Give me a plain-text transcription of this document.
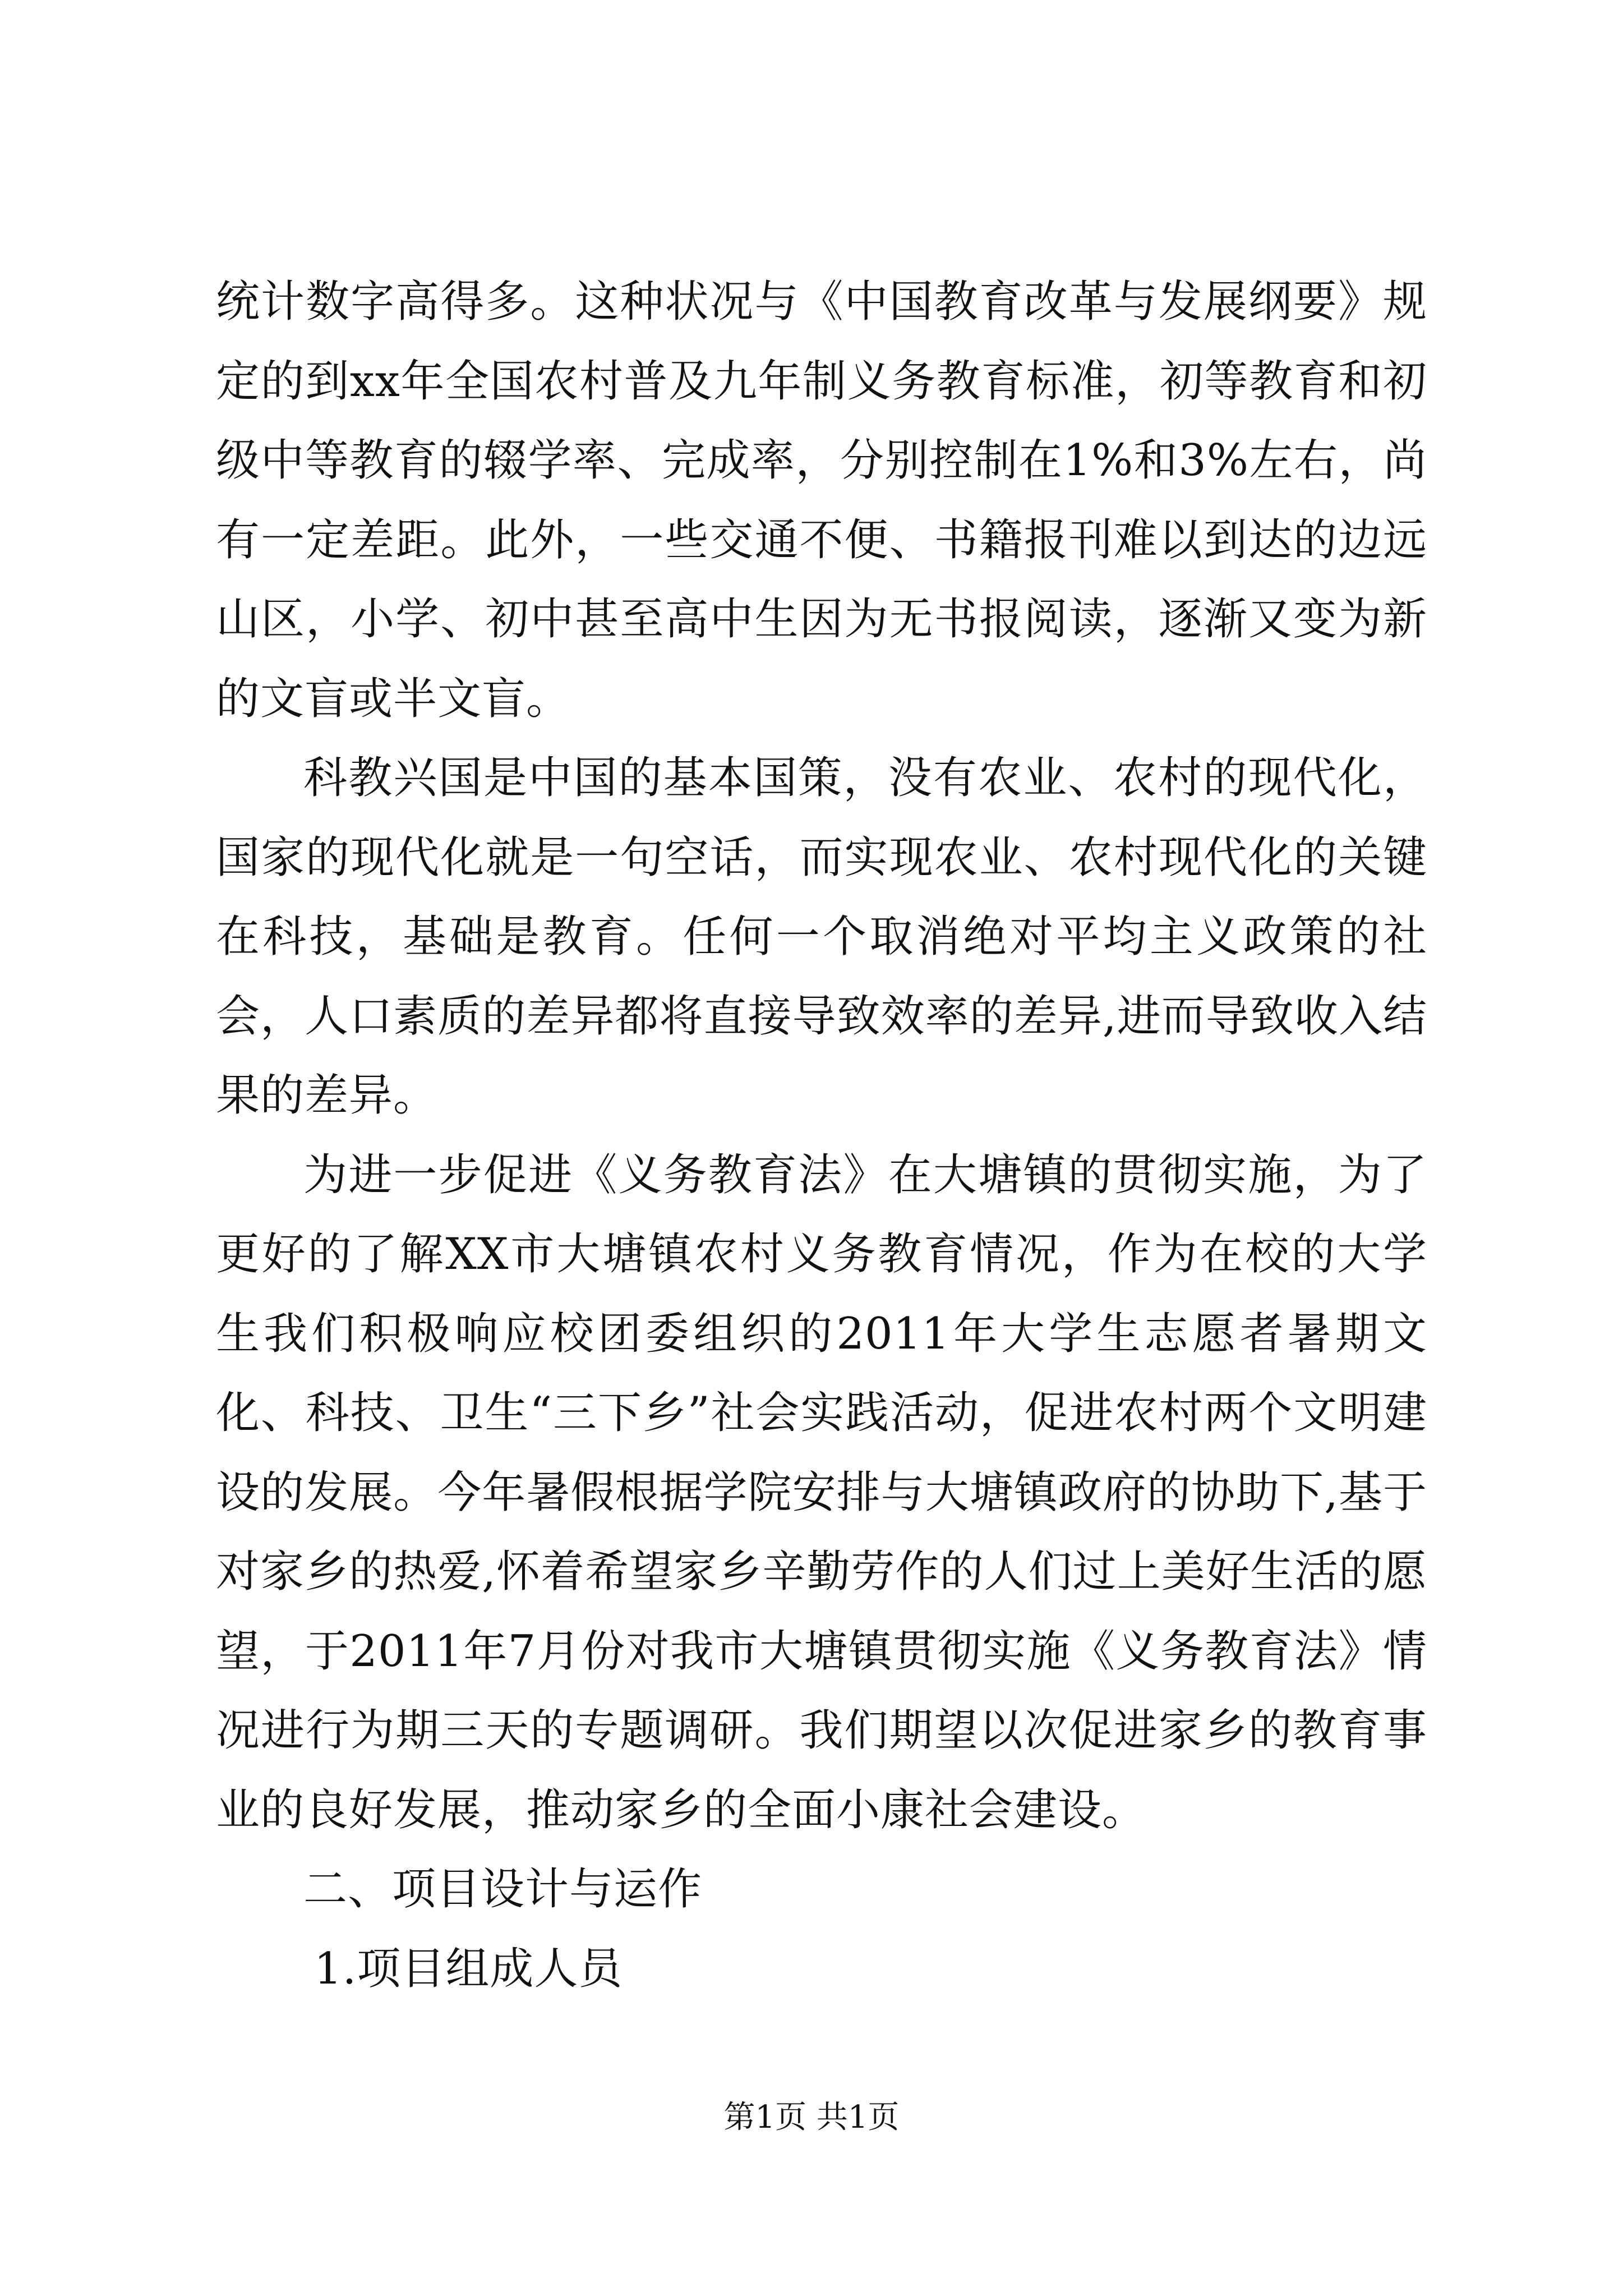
统计数字高得多。这种状况与《中国教育改革与发展纲要》规定的到xx年全国农村普及九年制义务教育标准，初等教育和初级中等教育的辍学率、完成率，分别控制在1%和3%左右，尚有一定差距。此外，一些交通不便、书籍报刊难以到达的边远山区，小学、初中甚至高中生因为无书报阅读，逐渐又变为新的文盲或半文盲。

科教兴国是中国的基本国策，没有农业、农村的现代化，国家的现代化就是一句空话，而实现农业、农村现代化的关键在科技，基础是教育。任何一个取消绝对平均主义政策的社会，人口素质的差异都将直接导致效率的差异,进而导致收入结果的差异。

为进一步促进《义务教育法》在大塘镇的贯彻实施，为了更好的了解XX市大塘镇农村义务教育情况，作为在校的大学生我们积极响应校团委组织的2011年大学生志愿者暑期文化、科技、卫生“三下乡”社会实践活动，促进农村两个文明建设的发展。今年暑假根据学院安排与大塘镇政府的协助下,基于对家乡的热爱,怀着希望家乡辛勤劳作的人们过上美好生活的愿望，于2011年7月份对我市大塘镇贯彻实施《义务教育法》情况进行为期三天的专题调研。我们期望以次促进家乡的教育事业的良好发展，推动家乡的全面小康社会建设。

二、项目设计与运作

1.项目组成人员

第1页 共1页
